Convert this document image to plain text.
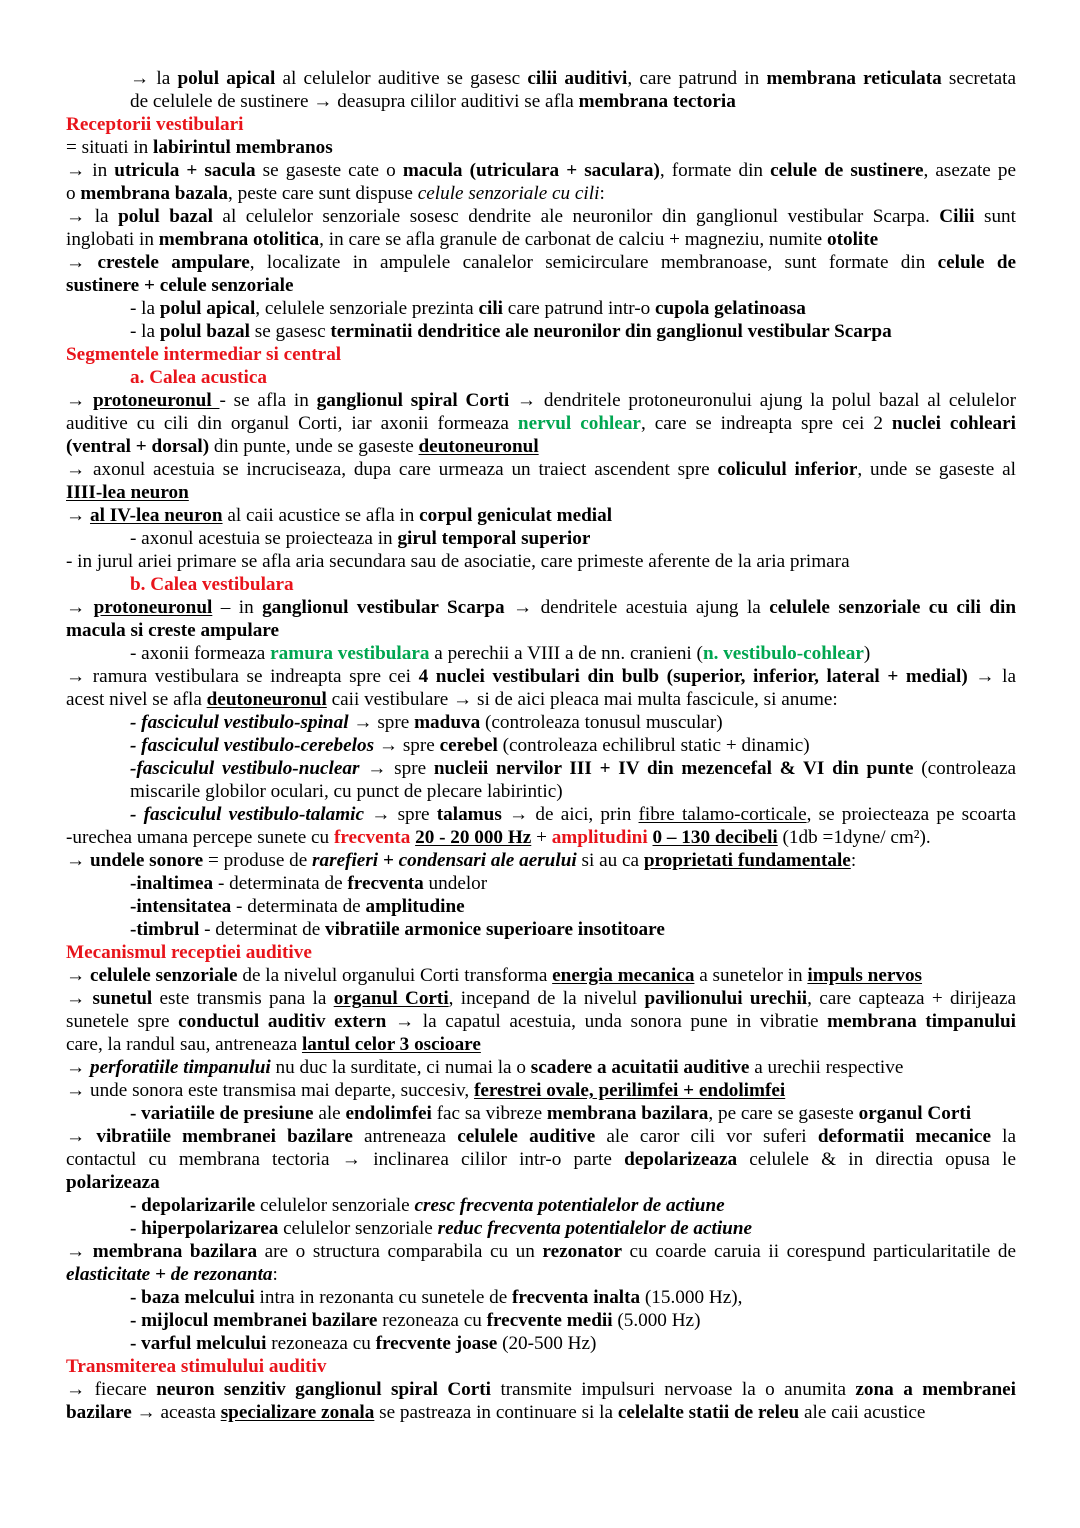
→ la polul apical al celulelor auditive se gasesc cilii auditivi, care patrund in membrana reticulata secretata
de celulele de sustinere → deasupra cililor auditivi se afla membrana tectoria
Receptorii vestibulari
= situati in labirintul membranos
→ in utricula + sacula se gaseste cate o macula (utriculara + saculara), formate din celule de sustinere, asezate pe
o membrana bazala, peste care sunt dispuse celule senzoriale cu cili:
→ la polul bazal al celulelor senzoriale sosesc dendrite ale neuronilor din ganglionul vestibular Scarpa. Cilii sunt
inglobati in membrana otolitica, in care se afla granule de carbonat de calciu + magneziu, numite otolite
→ crestele ampulare, localizate in ampulele canalelor semicirculare membranoase, sunt formate din celule de
sustinere + celule senzoriale
- la polul apical, celulele senzoriale prezinta cili care patrund intr-o cupola gelatinoasa
- la polul bazal se gasesc terminatii dendritice ale neuronilor din ganglionul vestibular Scarpa
Segmentele intermediar si central
a. Calea acustica
→ protoneuronul - se afla in ganglionul spiral Corti → dendritele protoneuronului ajung la polul bazal al celulelor
auditive cu cili din organul Corti, iar axonii formeaza nervul cohlear, care se indreapta spre cei 2 nuclei cohleari
(ventral + dorsal) din punte, unde se gaseste deutoneuronul
→ axonul acestuia se incruciseaza, dupa care urmeaza un traiect ascendent spre coliculul inferior, unde se gaseste al
IIII-lea neuron
→ al IV-lea neuron al caii acustice se afla in corpul geniculat medial
- axonul acestuia se proiecteaza in girul temporal superior
- in jurul ariei primare se afla aria secundara sau de asociatie, care primeste aferente de la aria primara
b. Calea vestibulara
→ protoneuronul – in ganglionul vestibular Scarpa → dendritele acestuia ajung la celulele senzoriale cu cili din
macula si creste ampulare
- axonii formeaza ramura vestibulara a perechii a VIII a de nn. cranieni (n. vestibulo-cohlear)
→ ramura vestibulara se indreapta spre cei 4 nuclei vestibulari din bulb (superior, inferior, lateral + medial) → la
acest nivel se afla deutoneuronul caii vestibulare → si de aici pleaca mai multa fascicule, si anume:
- fasciculul vestibulo-spinal → spre maduva (controleaza tonusul muscular)
- fasciculul vestibulo-cerebelos → spre cerebel (controleaza echilibrul static + dinamic)
-fasciculul vestibulo-nuclear → spre nucleii nervilor III + IV din mezencefal & VI din punte (controleaza
miscarile globilor oculari, cu punct de plecare labirintic)
- fasciculul vestibulo-talamic → spre talamus → de aici, prin fibre talamo-corticale, se proiecteaza pe scoarta
-urechea umana percepe sunete cu frecventa 20 - 20 000 Hz + amplitudini 0 – 130 decibeli (1db =1dyne/ cm²).
→ undele sonore = produse de rarefieri + condensari ale aerului si au ca proprietati fundamentale:
-inaltimea - determinata de frecventa undelor
-intensitatea - determinata de amplitudine
-timbrul - determinat de vibratiile armonice superioare insotitoare
Mecanismul receptiei auditive
→ celulele senzoriale de la nivelul organului Corti transforma energia mecanica a sunetelor in impuls nervos
→ sunetul este transmis pana la organul Corti, incepand de la nivelul pavilionului urechii, care capteaza + dirijeaza
sunetele spre conductul auditiv extern → la capatul acestuia, unda sonora pune in vibratie membrana timpanului
care, la randul sau, antreneaza lantul celor 3 oscioare
→ perforatiile timpanului nu duc la surditate, ci numai la o scadere a acuitatii auditive a urechii respective
→ unde sonora este transmisa mai departe, succesiv, ferestrei ovale, perilimfei + endolimfei
- variatiile de presiune ale endolimfei fac sa vibreze membrana bazilara, pe care se gaseste organul Corti
→ vibratiile membranei bazilare antreneaza celulele auditive ale caror cili vor suferi deformatii mecanice la
contactul cu membrana tectoria → inclinarea cililor intr-o parte depolarizeaza celulele & in directia opusa le
polarizeaza
- depolarizarile celulelor senzoriale cresc frecventa potentialelor de actiune
- hiperpolarizarea celulelor senzoriale reduc frecventa potentialelor de actiune
→ membrana bazilara are o structura comparabila cu un rezonator cu coarde caruia ii corespund particularitatile de
elasticitate + de rezonanta:
- baza melcului intra in rezonanta cu sunetele de frecventa inalta (15.000 Hz),
- mijlocul membranei bazilare rezoneaza cu frecvente medii (5.000 Hz)
- varful melcului rezoneaza cu frecvente joase (20-500 Hz)
Transmiterea stimulului auditiv
→ fiecare neuron senzitiv ganglionul spiral Corti transmite impulsuri nervoase la o anumita zona a membranei
bazilare → aceasta specializare zonala se pastreaza in continuare si la celelalte statii de releu ale caii acustice
